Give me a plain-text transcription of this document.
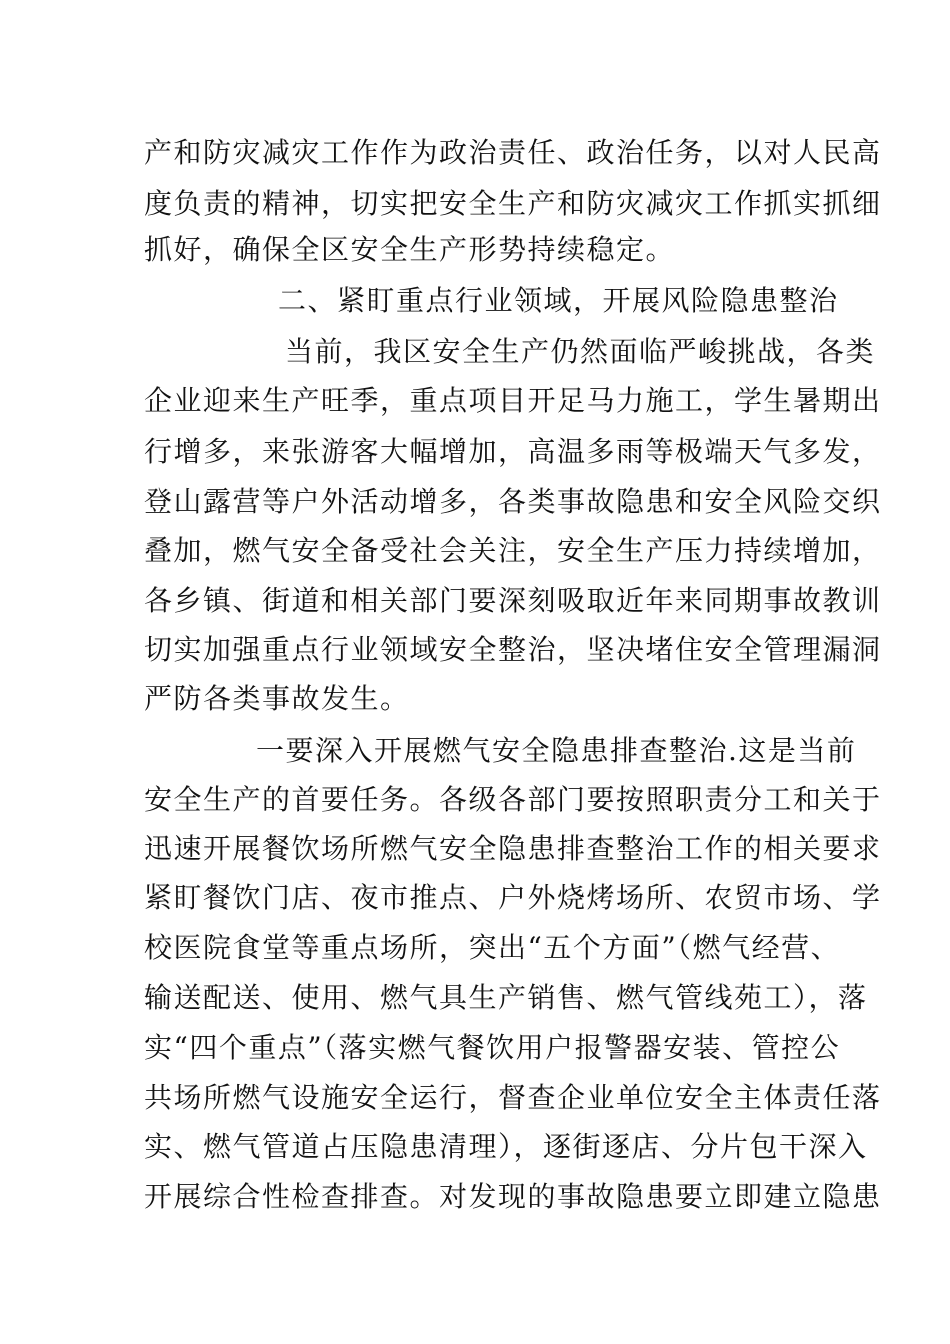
产和防灾减灾工作作为政治责任、政治任务，以对人民高

度负责的精神，切实把安全生产和防灾减灾工作抓实抓细

抓好，确保全区安全生产形势持续稳定。

二、紧盯重点行业领域，开展风险隐患整治

当前，我区安全生产仍然面临严峻挑战，各类

企业迎来生产旺季，重点项目开足马力施工，学生暑期出

行增多，来张游客大幅增加，高温多雨等极端天气多发，

登山露营等户外活动增多，各类事故隐患和安全风险交织

叠加，燃气安全备受社会关注，安全生产压力持续增加，

各乡镇、街道和相关部门要深刻吸取近年来同期事故教训

切实加强重点行业领域安全整治，坚决堵住安全管理漏洞

严防各类事故发生。

一要深入开展燃气安全隐患排查整治.这是当前

安全生产的首要任务。各级各部门要按照职责分工和关于

迅速开展餐饮场所燃气安全隐患排查整治工作的相关要求

紧盯餐饮门店、夜市推点、户外烧烤场所、农贸市场、学

校医院食堂等重点场所，突出“五个方面”（燃气经营、

输送配送、使用、燃气具生产销售、燃气管线苑工），落

实“四个重点”（落实燃气餐饮用户报警器安装、管控公

共场所燃气设施安全运行，督查企业单位安全主体责任落

实、燃气管道占压隐患清理），逐街逐店、分片包干深入

开展综合性检查排查。对发现的事故隐患要立即建立隐患
